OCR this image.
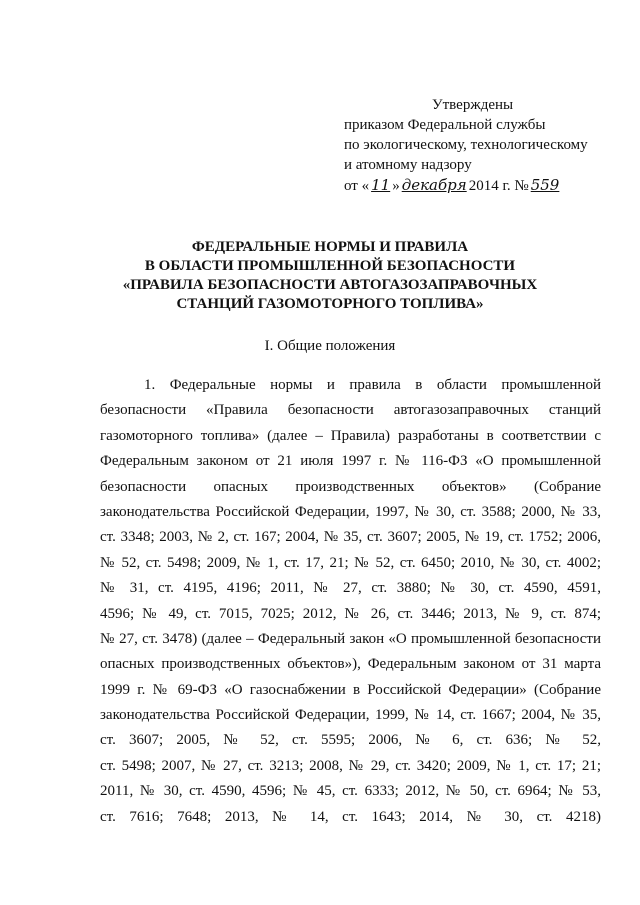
Утверждены
приказом Федеральной службы
по экологическому, технологическому
и атомному надзору
от « 11 » декабря 2014 г. № 559
ФЕДЕРАЛЬНЫЕ НОРМЫ И ПРАВИЛА
В ОБЛАСТИ ПРОМЫШЛЕННОЙ БЕЗОПАСНОСТИ
«ПРАВИЛА БЕЗОПАСНОСТИ АВТОГАЗОЗАПРАВОЧНЫХ
СТАНЦИЙ ГАЗОМОТОРНОГО ТОПЛИВА»
I. Общие положения
1. Федеральные нормы и правила в области промышленной
безопасности «Правила безопасности автогазозаправочных станций
газомоторного топлива» (далее – Правила) разработаны в соответствии с
Федеральным законом от 21 июля 1997 г. № 116-ФЗ «О промышленной
безопасности опасных производственных объектов» (Собрание
законодательства Российской Федерации, 1997, № 30, ст. 3588; 2000, № 33,
ст. 3348; 2003, № 2, ст. 167; 2004, № 35, ст. 3607; 2005, № 19, ст. 1752; 2006,
№ 52, ст. 5498; 2009, № 1, ст. 17, 21; № 52, ст. 6450; 2010, № 30, ст. 4002;
№ 31, ст. 4195, 4196; 2011, № 27, ст. 3880; № 30, ст. 4590, 4591,
4596; № 49, ст. 7015, 7025; 2012, № 26, ст. 3446; 2013, № 9, ст. 874;
№ 27, ст. 3478) (далее – Федеральный закон «О промышленной безопасности
опасных производственных объектов»), Федеральным законом от 31 марта
1999 г. № 69-ФЗ «О газоснабжении в Российской Федерации» (Собрание
законодательства Российской Федерации, 1999, № 14, ст. 1667; 2004, № 35,
ст. 3607; 2005, № 52, ст. 5595; 2006, № 6, ст. 636; № 52,
ст. 5498; 2007, № 27, ст. 3213; 2008, № 29, ст. 3420; 2009, № 1, ст. 17; 21;
2011, № 30, ст. 4590, 4596; № 45, ст. 6333; 2012, № 50, ст. 6964; № 53,
ст. 7616; 7648; 2013, № 14, ст. 1643; 2014, № 30, ст. 4218)
